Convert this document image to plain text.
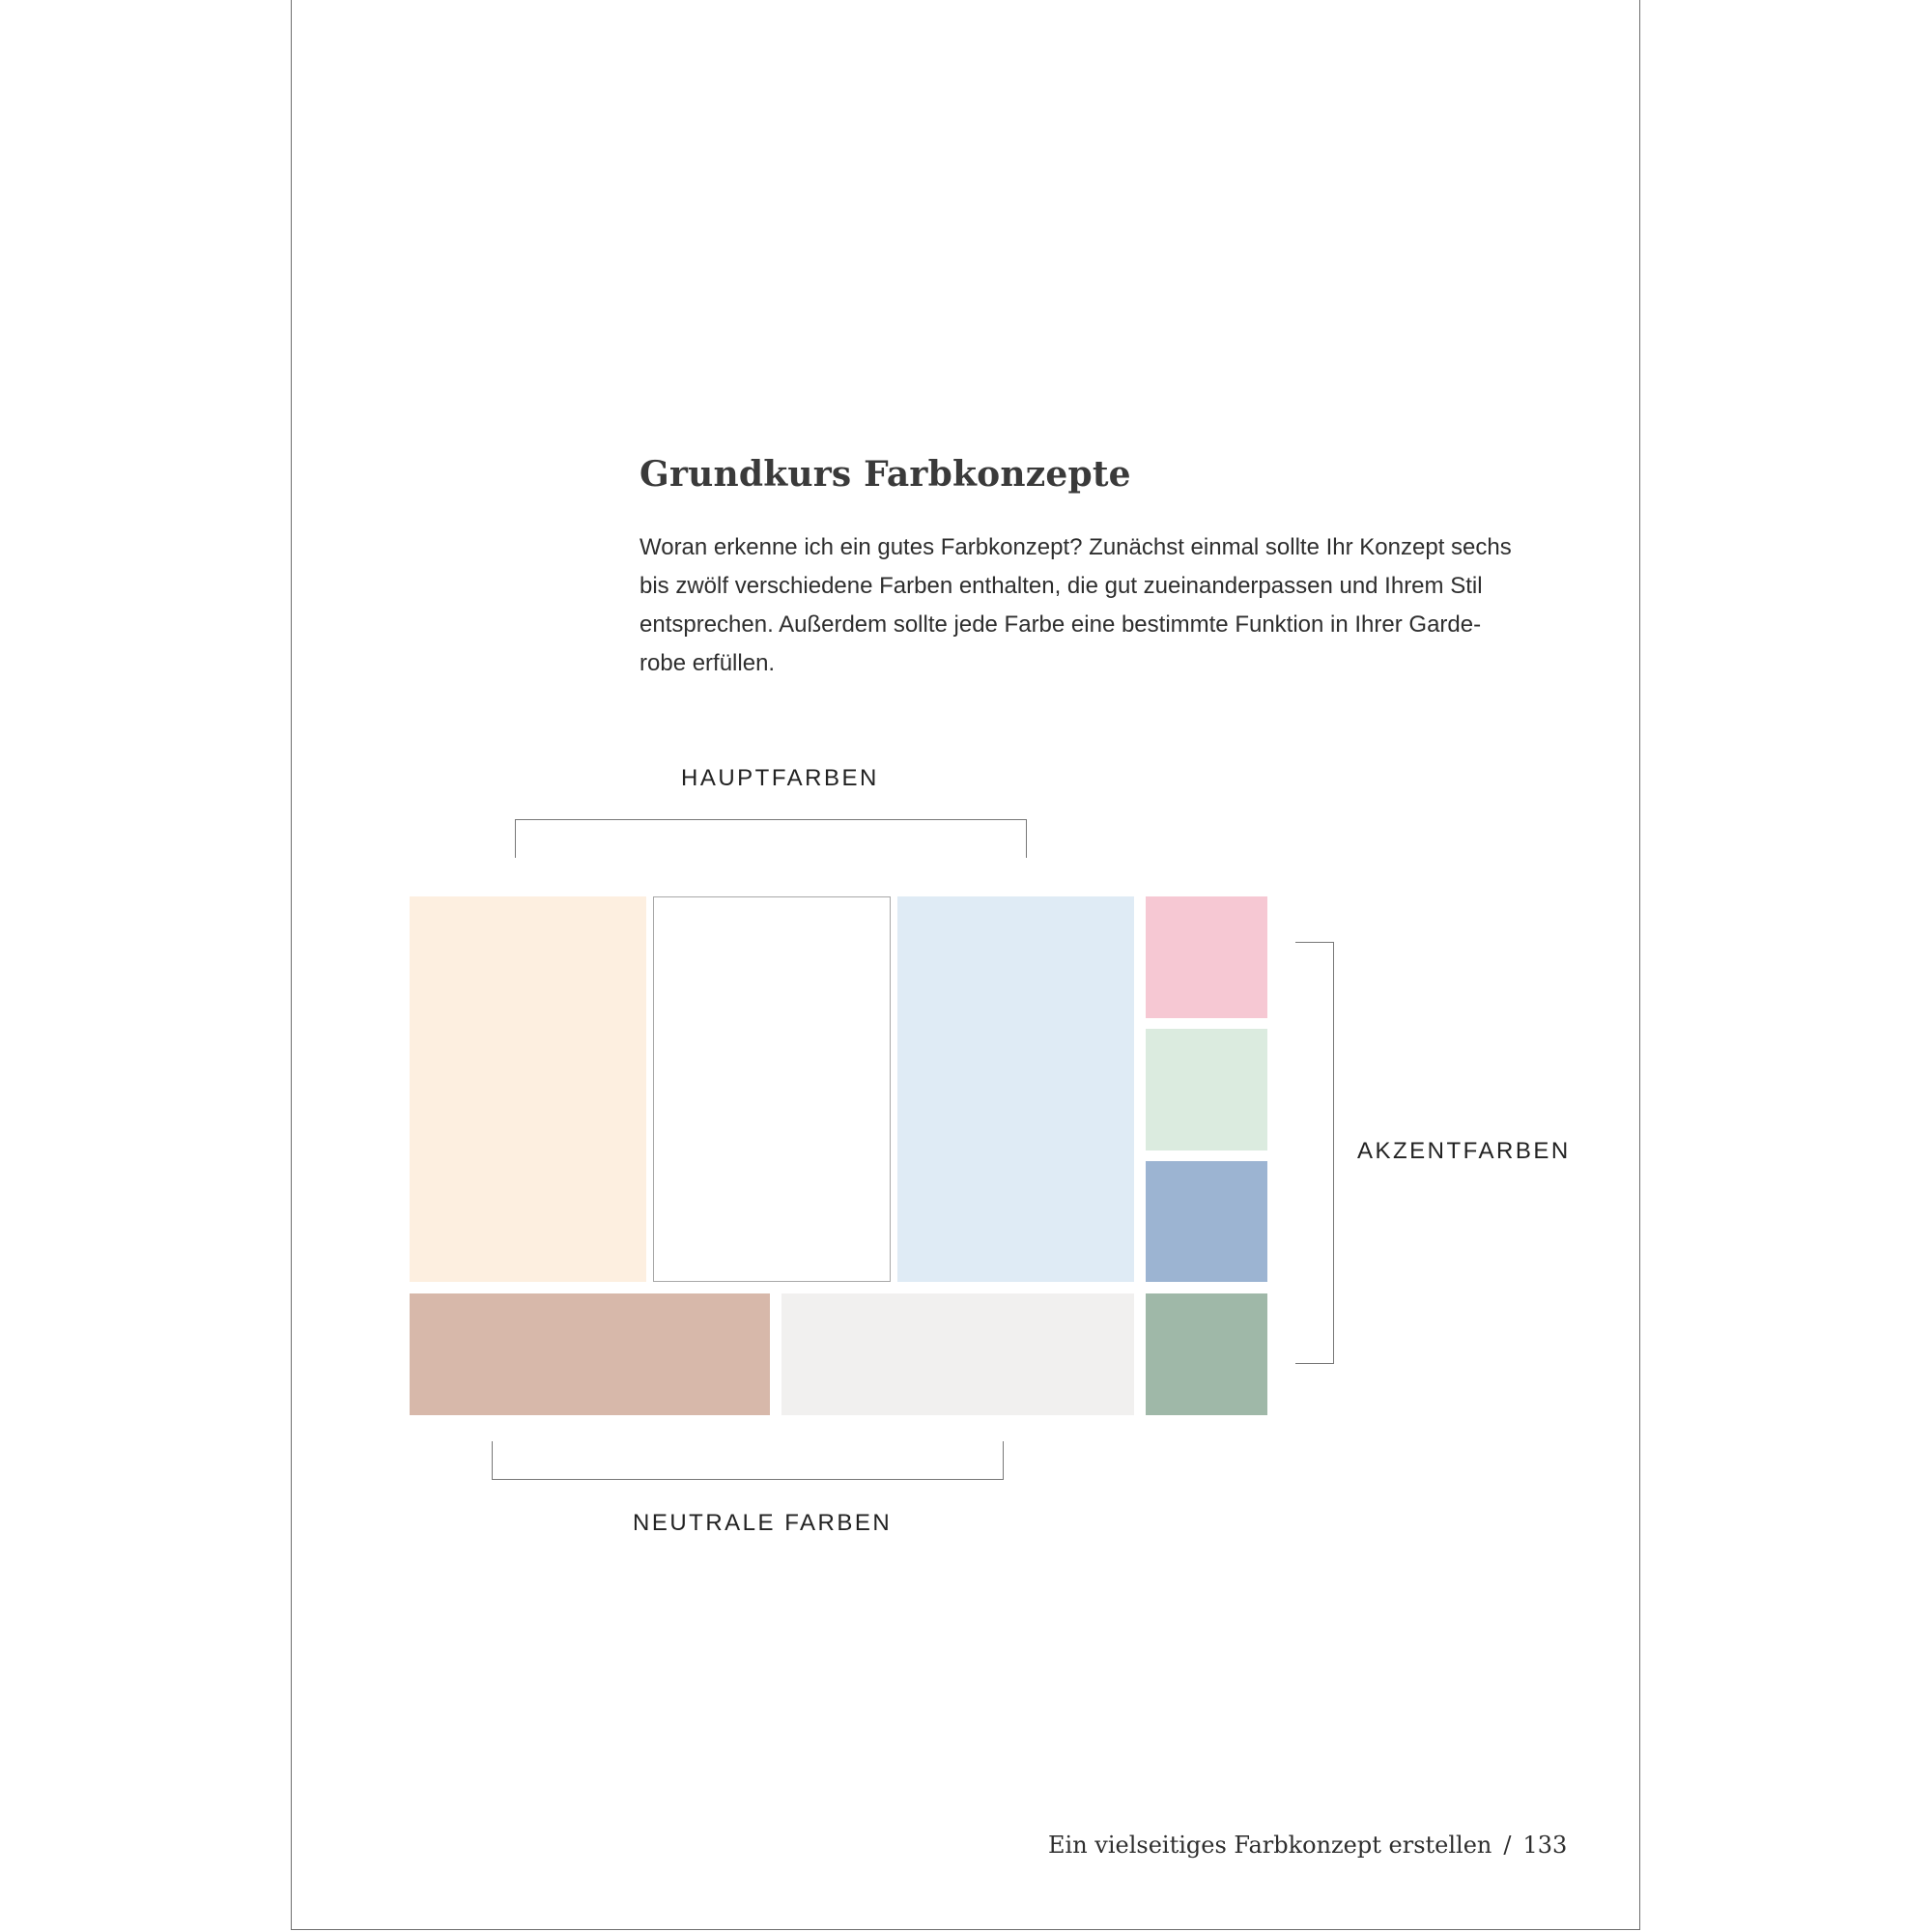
Grundkurs Farbkonzepte

Woran erkenne ich ein gutes Farbkonzept? Zunächst einmal sollte Ihr Konzept sechs
bis zwölf verschiedene Farben enthalten, die gut zueinanderpassen und Ihrem Stil
entsprechen. Außerdem sollte jede Farbe eine bestimmte Funktion in Ihrer Garde-
robe erfüllen.

HAUPTFARBEN
AKZENTFARBEN
NEUTRALE FARBEN
Ein vielseitiges Farbkonzept erstellen / 133
